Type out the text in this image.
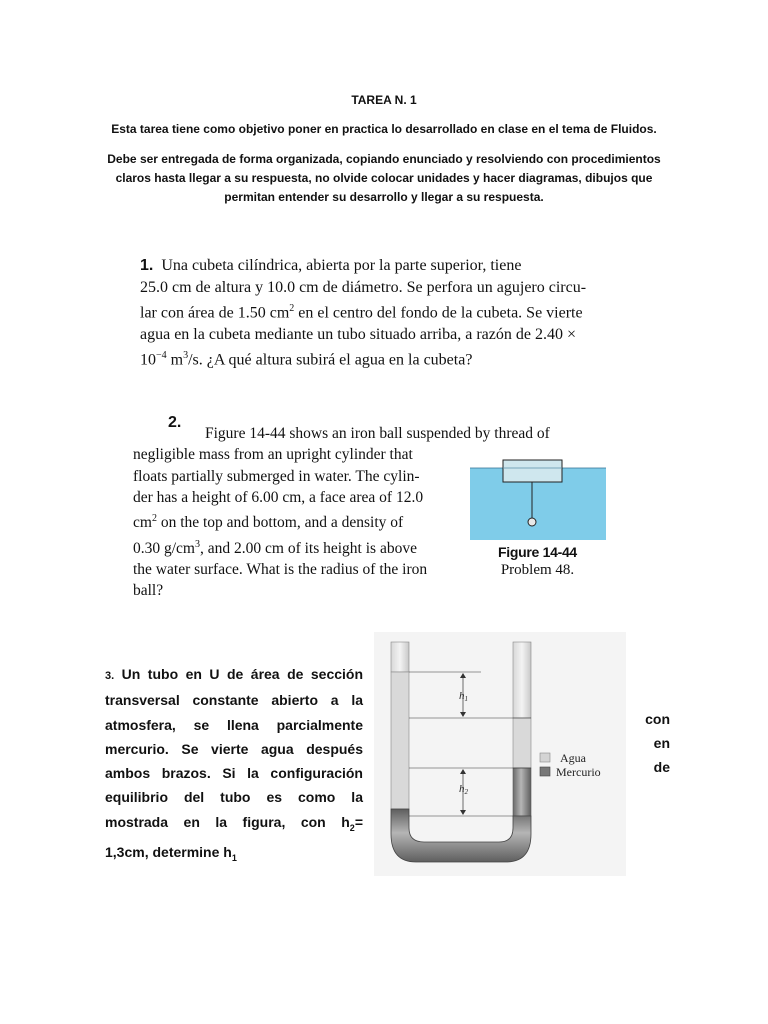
TAREA N. 1
Esta tarea tiene como objetivo poner en practica lo desarrollado en clase en el tema de Fluidos.
Debe ser entregada de forma organizada, copiando enunciado y resolviendo con procedimientos
claros hasta llegar a su respuesta, no olvide colocar unidades y hacer diagramas, dibujos que
permitan entender su desarrollo y llegar a su respuesta.
1. Una cubeta cilíndrica, abierta por la parte superior, tiene
25.0 cm de altura y 10.0 cm de diámetro. Se perfora un agujero circu-
lar con área de 1.50 $cm^2$ en el centro del fondo de la cubeta. Se vierte
agua en la cubeta mediante un tubo situado arriba, a razón de 2.40 ×
$10^{-4}$ $m^3/s$. ¿A qué altura subirá el agua en la cubeta?
2.
Figure 14-44 shows an iron ball suspended by thread of
negligible mass from an upright cylinder that
floats partially submerged in water. The cylin-
der has a height of 6.00 cm, a face area of 12.0
$cm^2$ on the top and bottom, and a density of
0.30 $g/cm^3$, and 2.00 cm of its height is above
the water surface. What is the radius of the iron
ball?
Figure 14-44
Problem 48.
h1
h2
Agua
Mercurio
3. Un tubo en U de área de sección
transversal constante abierto a la
atmosfera, se llena parcialmente
mercurio. Se vierte agua después
ambos brazos. Si la configuración
equilibrio del tubo es como la
mostrada en la figura, con $h_2=$
1,3cm, determine $h_1$
con
en
de
